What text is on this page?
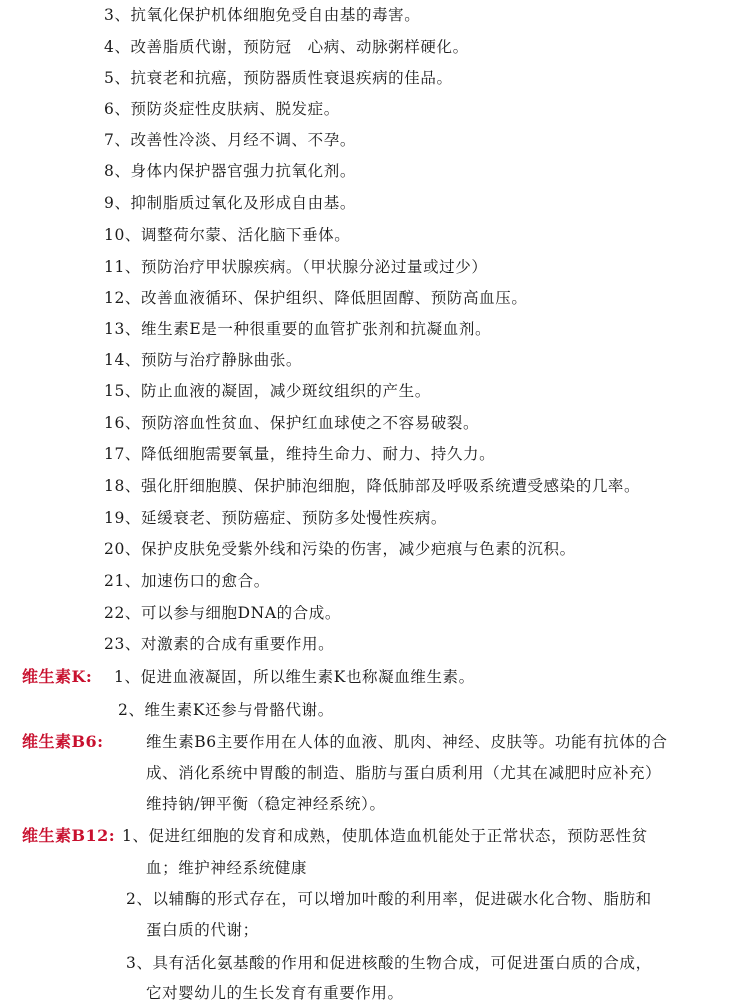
3、抗氧化保护机体细胞免受自由基的毒害。
4、改善脂质代谢，预防冠　心病、动脉粥样硬化。
5、抗衰老和抗癌，预防器质性衰退疾病的佳品。
6、预防炎症性皮肤病、脱发症。
7、改善性冷淡、月经不调、不孕。
8、身体内保护器官强力抗氧化剂。
9、抑制脂质过氧化及形成自由基。
10、调整荷尔蒙、活化脑下垂体。
11、预防治疗甲状腺疾病。（甲状腺分泌过量或过少）
12、改善血液循环、保护组织、降低胆固醇、预防高血压。
13、维生素E是一种很重要的血管扩张剂和抗凝血剂。
14、预防与治疗静脉曲张。
15、防止血液的凝固，减少斑纹组织的产生。
16、预防溶血性贫血、保护红血球使之不容易破裂。
17、降低细胞需要氧量，维持生命力、耐力、持久力。
18、强化肝细胞膜、保护肺泡细胞，降低肺部及呼吸系统遭受感染的几率。
19、延缓衰老、预防癌症、预防多处慢性疾病。
20、保护皮肤免受紫外线和污染的伤害，减少疤痕与色素的沉积。
21、加速伤口的愈合。
22、可以参与细胞DNA的合成。
23、对激素的合成有重要作用。
维生素K: 1、促进血液凝固，所以维生素K也称凝血维生素。
2、维生素K还参与骨骼代谢。
维生素B6:	维生素B6主要作用在人体的血液、肌肉、神经、皮肤等。功能有抗体的合
成、消化系统中胃酸的制造、脂肪与蛋白质利用（尤其在减肥时应补充）
维持钠/钾平衡（稳定神经系统）。
维生素B12: 1、促进红细胞的发育和成熟，使肌体造血机能处于正常状态，预防恶性贫
血；维护神经系统健康
2、以辅酶的形式存在，可以增加叶酸的利用率，促进碳水化合物、脂肪和
蛋白质的代谢；
3、具有活化氨基酸的作用和促进核酸的生物合成，可促进蛋白质的合成，
它对婴幼儿的生长发育有重要作用。
